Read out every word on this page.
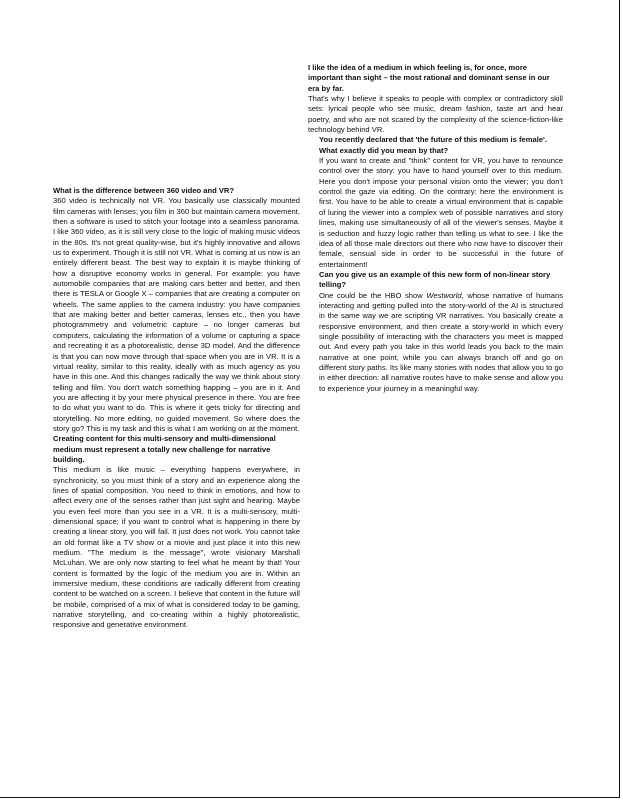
What is the difference between 360 video and VR?

360 video is technically not VR. You basically use classically mounted film cameras with lenses; you film in 360 but maintain camera movement, then a software is used to stitch your footage into a seamless panorama. I like 360 video, as it is still very close to the logic of making music videos in the 80s. It's not great quality-wise, but it's highly innovative and allows us to experiment. Though it is still not VR. What is coming at us now is an entirely different beast. The best way to explain it is maybe thinking of how a disruptive economy works in general. For example: you have automobile companies that are making cars better and better, and then there is TESLA or Google X – companies that are creating a computer on wheels. The same applies to the camera industry: you have companies that are making better and better cameras, lenses etc., then you have photogrammetry and volumetric capture – no longer cameras but computers, calculating the information of a volume or capturing a space and recreating it as a photorealistic, dense 3D model. And the difference is that you can now move through that space when you are in VR. It is a virtual reality, similar to this reality, ideally with as much agency as you have in this one. And this changes radically the way we think about story telling and film. You don't watch something happing – you are in it. And you are affecting it by your mere physical presence in there. You are free to do what you want to do. This is where it gets tricky for directing and storytelling. No more editing, no guided movement. So where does the story go? This is my task and this is what I am working on at the moment.

Creating content for this multi-sensory and multi-dimensional medium must represent a totally new challenge for narrative building.

This medium is like music – everything happens everywhere, in synchronicity, so you must think of a story and an experience along the lines of spatial composition. You need to think in emotions, and how to affect every one of the senses rather than just sight and hearing. Maybe you even feel more than you see in a VR. It is a multi-sensory, multi-dimensional space; if you want to control what is happening in there by creating a linear story, you will fail. It just does not work. You cannot take an old format like a TV show or a movie and just place it into this new medium. "The medium is the message", wrote visionary Marshall McLuhan. We are only now starting to feel what he meant by that! Your content is formatted by the logic of the medium you are in. Within an immersive medium, these conditions are radically different from creating content to be watched on a screen. I believe that content in the future will be mobile, comprised of a mix of what is considered today to be gaming, narrative storytelling, and co-creating within a highly photorealistic, responsive and generative environment.

I like the idea of a medium in which feeling is, for once, more important than sight – the most rational and dominant sense in our era by far.

That's why I believe it speaks to people with complex or contradictory skill sets: lyrical people who see music, dream fashion, taste art and hear poetry, and who are not scared by the complexity of the science-fiction-like technology behind VR.

You recently declared that 'the future of this medium is female'. What exactly did you mean by that?

If you want to create and "think" content for VR, you have to renounce control over the story: you have to hand yourself over to this medium. Here you don't impose your personal vision onto the viewer; you don't control the gaze via editing. On the contrary: here the environment is first. You have to be able to create a virtual environment that is capable of luring the viewer into a complex web of possible narratives and story lines, making use simultaneously of all of the viewer's senses. Maybe it is seduction and fuzzy logic rather than telling us what to see. I like the idea of all those male directors out there who now have to discover their female, sensual side in order to be successful in the future of entertainment!

Can you give us an example of this new form of non-linear story telling?

One could be the HBO show Westworld, whose narrative of humans interacting and getting pulled into the story-world of the AI is structured in the same way we are scripting VR narratives. You basically create a responsive environment, and then create a story-world in which every single possibility of interacting with the characters you meet is mapped out. And every path you take in this world leads you back to the main narrative at one point, while you can always branch off and go on different story paths. Its like many stories with nodes that allow you to go in either direction: all narrative routes have to make sense and allow you to experience your journey in a meaningful way.
